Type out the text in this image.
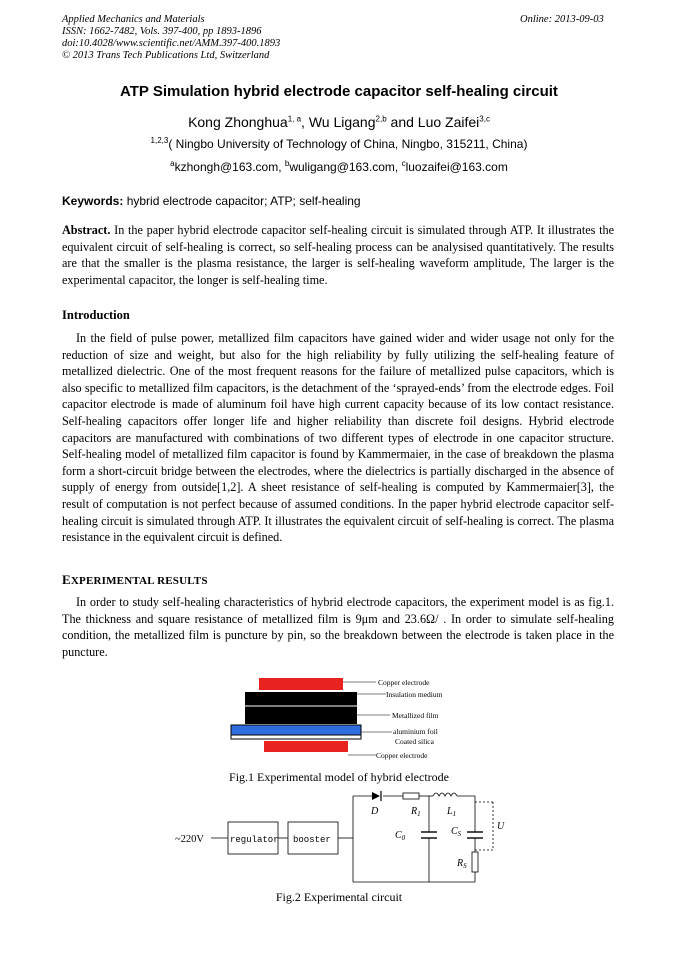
Applied Mechanics and Materials
ISSN: 1662-7482, Vols. 397-400, pp 1893-1896
doi:10.4028/www.scientific.net/AMM.397-400.1893
© 2013 Trans Tech Publications Ltd, Switzerland
Online: 2013-09-03
ATP Simulation hybrid electrode capacitor self-healing circuit
Kong Zhonghua$^{1, a}$, Wu Ligang$^{2,b}$ and Luo Zaifei$^{3,c}$
$^{1,2,3}$( Ningbo University of Technology of China, Ningbo, 315211, China)
$^a$kzhongh@163.com, $^b$wuligang@163.com, $^c$luozaifei@163.com
Keywords: hybrid electrode capacitor; ATP; self-healing

Abstract. In the paper hybrid electrode capacitor self-healing circuit is simulated through ATP. It illustrates the equivalent circuit of self-healing is correct, so self-healing process can be analysised quantitatively. The results are that the smaller is the plasma resistance, the larger is self-healing waveform amplitude, The larger is the experimental capacitor, the longer is self-healing time.

Introduction

In the field of pulse power, metallized film capacitors have gained wider and wider usage not only for the reduction of size and weight, but also for the high reliability by fully utilizing the self-healing feature of metallized dielectric. One of the most frequent reasons for the failure of metallized pulse capacitors, which is also specific to metallized film capacitors, is the detachment of the ‘sprayed-ends’ from the electrode edges. Foil capacitor electrode is made of aluminum foil have high current capacity because of its low contact resistance. Self-healing capacitors offer longer life and higher reliability than discrete foil designs. Hybrid electrode capacitors are manufactured with combinations of two different types of electrode in one capacitor structure. Self-healing model of metallized film capacitor is found by Kammermaier, in the case of breakdown the plasma form a short-circuit bridge between the electrodes, where the dielectrics is partially discharged in the absence of supply of energy from outside[1,2]. A sheet resistance of self-healing is computed by Kammermaier[3], the result of computation is not perfect because of assumed conditions. In the paper hybrid electrode capacitor self-healing circuit is simulated through ATP. It illustrates the equivalent circuit of self-healing is correct. The plasma resistance in the equivalent circuit is defined.

EXPERIMENTAL RESULTS

In order to study self-healing characteristics of hybrid electrode capacitors, the experiment model is as fig.1. The thickness and square resistance of metallized film is 9μm and 23.6Ω/ . In order to simulate self-healing condition, the metallized film is puncture by pin, so the breakdown between the electrode is taken place in the puncture.

Copper electrode
Insulation medium
Metallized film
aluminium foil
Coated silica
Copper electrode
Fig.1 Experimental model of hybrid electrode
~220V	regulator booster
D	$R_1$	$L_1$
$C_0$
$C_S$
U
$R_S$
Fig.2 Experimental circuit
